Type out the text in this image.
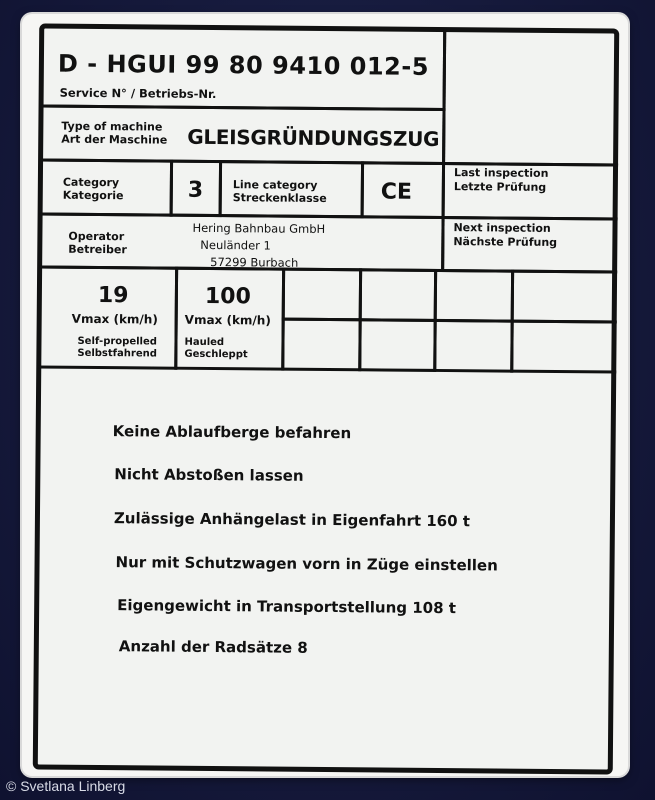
D - HGUI 99 80 9410 012-5
Service N° / Betriebs-Nr.
Type of machine
Art der Maschine GLEISGRÜNDUNGSZUG
Category
Kategorie	3	Line category
Streckenklasse CE
Last inspection
Letzte Prüfung
Operator
Betreiber
Hering Bahnbau GmbH
Neuländer 1
57299 Burbach
Next inspection
Nächste Prüfung
19
Vmax (km/h)
Self-propelled
Selbstfahrend
100
Vmax (km/h)
Hauled
Geschleppt
Keine Ablaufberge befahren
Nicht Abstoßen lassen
Zulässige Anhängelast in Eigenfahrt 160 t
Nur mit Schutzwagen vorn in Züge einstellen
Eigengewicht in Transportstellung 108 t
Anzahl der Radsätze 8
© Svetlana Linberg
